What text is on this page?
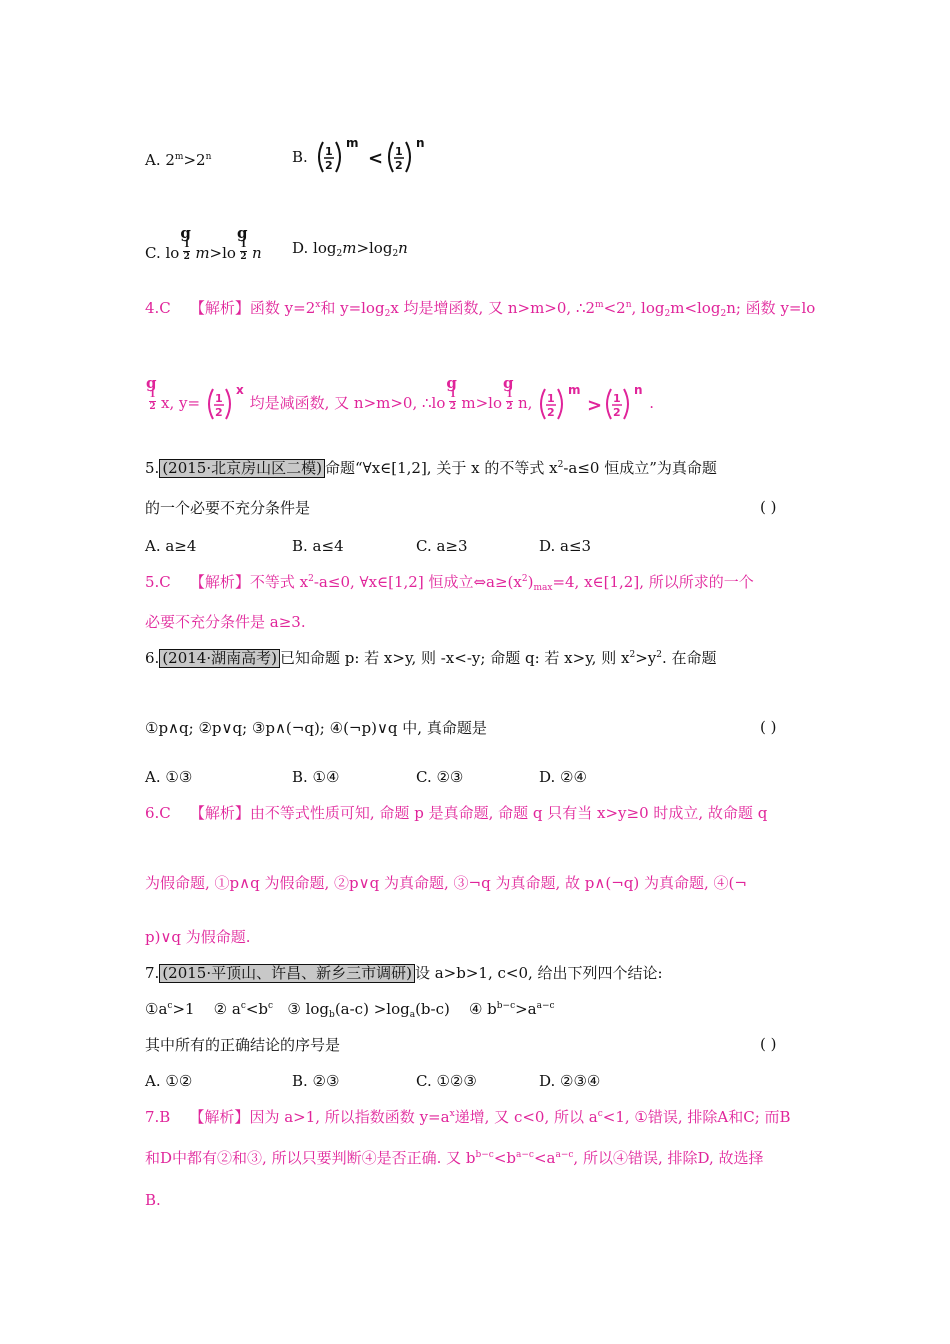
A. $2^m>2^n$	B. 1
2
m
< 1
2
n
C. lo
g
1
2 m>lo
g
1
2 n D. $\log_2m>\log_2n$
4.C 【解析】函数 $y=2^x$和 $y=\log_2x$ 均是增函数, 又 n>m>0, $\therefore 2^m<2^n$, $\log_2m<\log_2n$; 函数 y=lo
g
1
2 x, y= 1
2
x
均是减函数, 又 n>m>0, ∴lo
g
1
2 m>lo
g
1
2 n, 1
2
m
> 1
2
n
.
5. (2015·北京房山区二模) 命题“∀x∈[1,2], 关于 x 的不等式 $x^2-a\le 0$ 恒成立”为真命题
的一个必要不充分条件是	( )
A. a≥4	B. a≤4	C. a≥3	D. a≤3
5.C 【解析】不等式 $x^2-a\le 0$, ∀x∈[1,2] 恒成立$\Leftrightarrow a\ge(x^2)_{max}=4$, x∈[1,2], 所以所求的一个
必要不充分条件是 a≥3.
6. (2014·湖南高考) 已知命题 p: 若 x>y, 则 -x<-y; 命题 q: 若 x>y, 则 $x^2>y^2$. 在命题
①p∧q; ②p∨q; ③p∧(¬q); ④(¬p)∨q 中, 真命题是	( )
A. ①③	B. ①④	C. ②③	D. ②④
6.C 【解析】由不等式性质可知, 命题 p 是真命题, 命题 q 只有当 x>y≥0 时成立, 故命题 q
为假命题, ①p∧q 为假命题, ②p∨q 为真命题, ③¬q 为真命题, 故 p∧(¬q) 为真命题, ④(¬
p)∨q 为假命题.
7. (2015·平顶山、许昌、新乡三市调研) 设 a>b>1, c<0, 给出下列四个结论:
$①a^c>1$ ② $a^c<b^c$ ③ $\log_b(a-c) >\log_a(b-c)$ ④ $b^{b-c}>a^{a-c}$
其中所有的正确结论的序号是	( )
A. ①②	B. ②③	C. ①②③	D. ②③④
7.B 【解析】因为 a>1, 所以指数函数 $y=a^x$递增, 又 c<0, 所以 $a^c<1$, ①错误, 排除A和C; 而B
和D中都有②和③, 所以只要判断④是否正确. 又 $b^{b-c}<b^{a-c}<a^{a-c}$, 所以④错误, 排除D, 故选择
B.
